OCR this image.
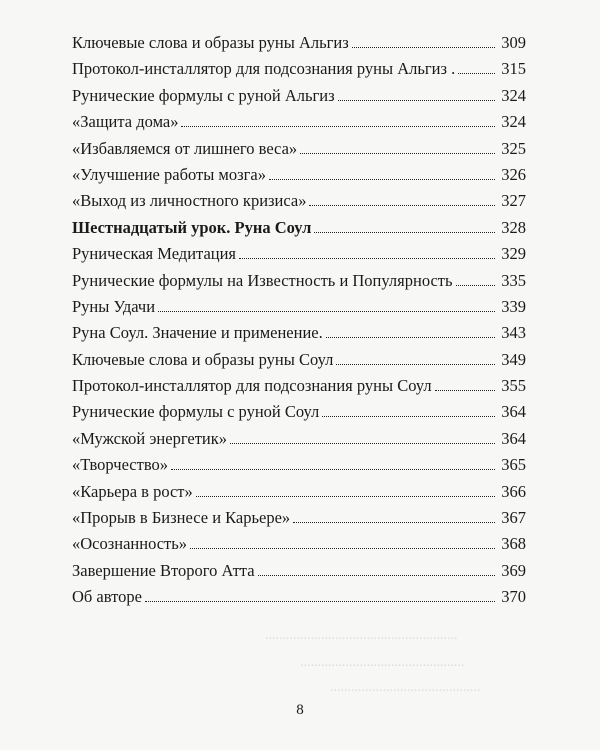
.......................................................
...............................................
...........................................
Ключевые слова и образы руны Альгиз	309
Протокол-инсталлятор для подсознания руны Альгиз .	315
Рунические формулы с руной Альгиз	324
«Защита дома»	324
«Избавляемся от лишнего веса»	325
«Улучшение работы мозга»	326
«Выход из личностного кризиса»	327
Шестнадцатый урок. Руна Соул	328
Руническая Медитация	329
Рунические формулы на Известность и Популярность	335
Руны Удачи	339
Руна Соул. Значение и применение.	343
Ключевые слова и образы руны Соул	349
Протокол-инсталлятор для подсознания руны Соул	355
Рунические формулы с руной Соул	364
«Мужской энергетик»	364
«Творчество»	365
«Карьера в рост»	366
«Прорыв в Бизнесе и Карьере»	367
«Осознанность»	368
Завершение Второго Атта	369
Об авторе	370
8
